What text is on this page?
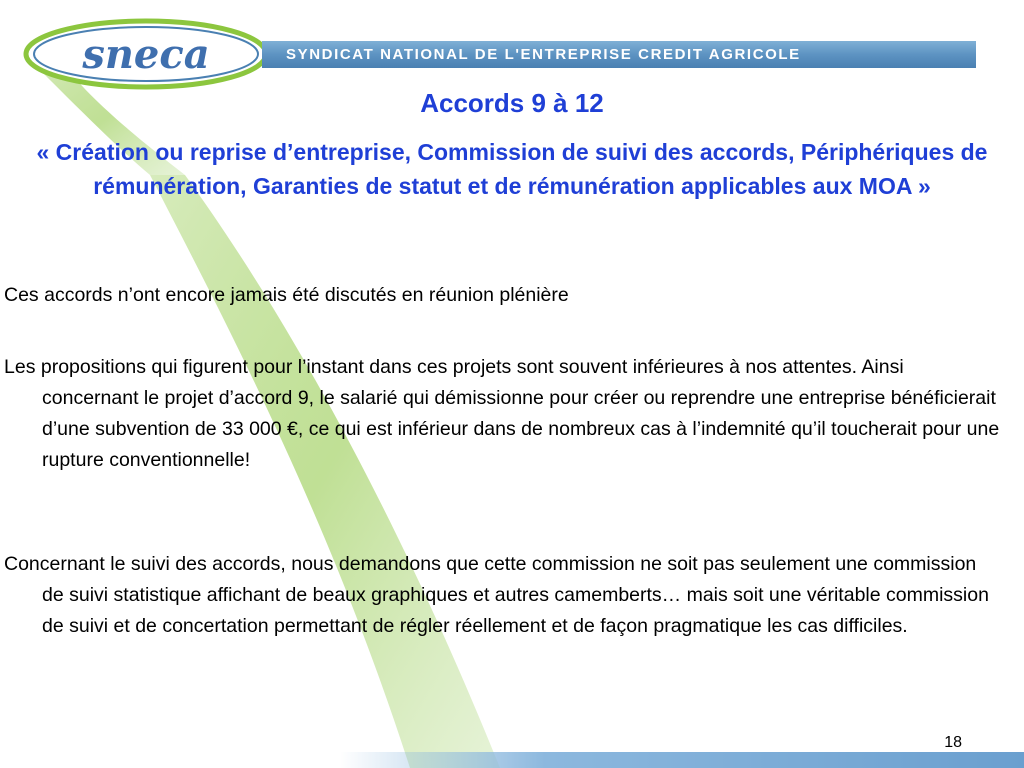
sneca	SYNDICAT NATIONAL DE L'ENTREPRISE CREDIT AGRICOLE
Accords 9 à 12

« Création ou reprise d’entreprise, Commission de suivi des accords, Périphériques de rémunération, Garanties de statut et de rémunération applicables aux MOA »

Ces accords n’ont encore jamais été discutés en réunion plénière

Les propositions qui figurent pour l’instant dans ces projets sont souvent inférieures à nos attentes. Ainsi concernant le projet d’accord 9, le salarié qui démissionne pour créer ou reprendre une entreprise bénéficierait d’une subvention de 33 000 €, ce qui est inférieur dans de nombreux cas à l’indemnité qu’il toucherait pour une rupture conventionnelle!

Concernant le suivi des accords, nous demandons que cette commission ne soit pas seulement une commission de suivi statistique affichant de beaux graphiques et autres camemberts… mais soit une véritable commission de suivi et de concertation permettant de régler réellement et de façon pragmatique les cas difficiles.

18
